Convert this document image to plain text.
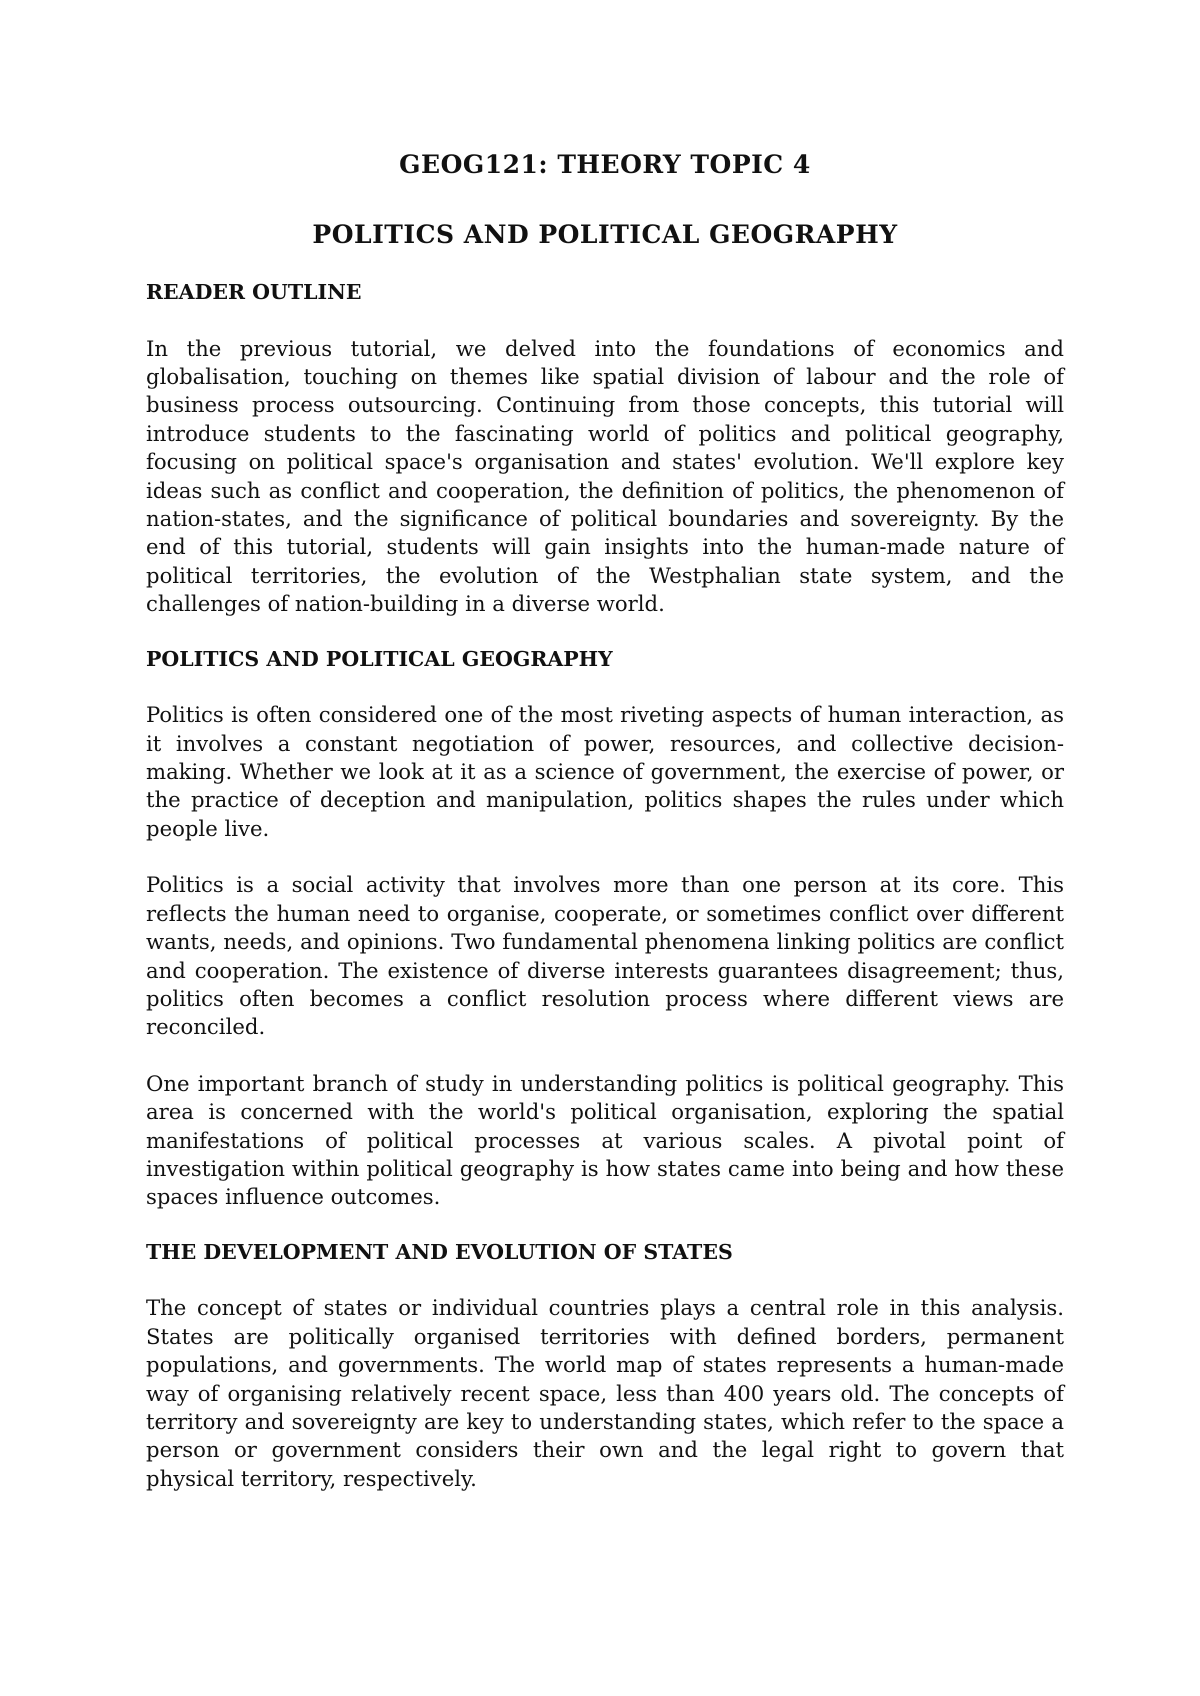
GEOG121: THEORY TOPIC 4
POLITICS AND POLITICAL GEOGRAPHY
READER OUTLINE

In the previous tutorial, we delved into the foundations of economics and globalisation, touching on themes like spatial division of labour and the role of business process outsourcing. Continuing from those concepts, this tutorial will introduce students to the fascinating world of politics and political geography, focusing on political space's organisation and states' evolution. We'll explore key ideas such as conflict and cooperation, the definition of politics, the phenomenon of nation-states, and the significance of political boundaries and sovereignty. By the end of this tutorial, students will gain insights into the human-made nature of political territories, the evolution of the Westphalian state system, and the challenges of nation-building in a diverse world.

POLITICS AND POLITICAL GEOGRAPHY

Politics is often considered one of the most riveting aspects of human interaction, as it involves a constant negotiation of power, resources, and collective decision-making. Whether we look at it as a science of government, the exercise of power, or the practice of deception and manipulation, politics shapes the rules under which people live.

Politics is a social activity that involves more than one person at its core. This reflects the human need to organise, cooperate, or sometimes conflict over different wants, needs, and opinions. Two fundamental phenomena linking politics are conflict and cooperation. The existence of diverse interests guarantees disagreement; thus, politics often becomes a conflict resolution process where different views are reconciled.

One important branch of study in understanding politics is political geography. This area is concerned with the world's political organisation, exploring the spatial manifestations of political processes at various scales. A pivotal point of investigation within political geography is how states came into being and how these spaces influence outcomes.

THE DEVELOPMENT AND EVOLUTION OF STATES

The concept of states or individual countries plays a central role in this analysis. States are politically organised territories with defined borders, permanent populations, and governments. The world map of states represents a human-made way of organising relatively recent space, less than 400 years old. The concepts of territory and sovereignty are key to understanding states, which refer to the space a person or government considers their own and the legal right to govern that physical territory, respectively.
